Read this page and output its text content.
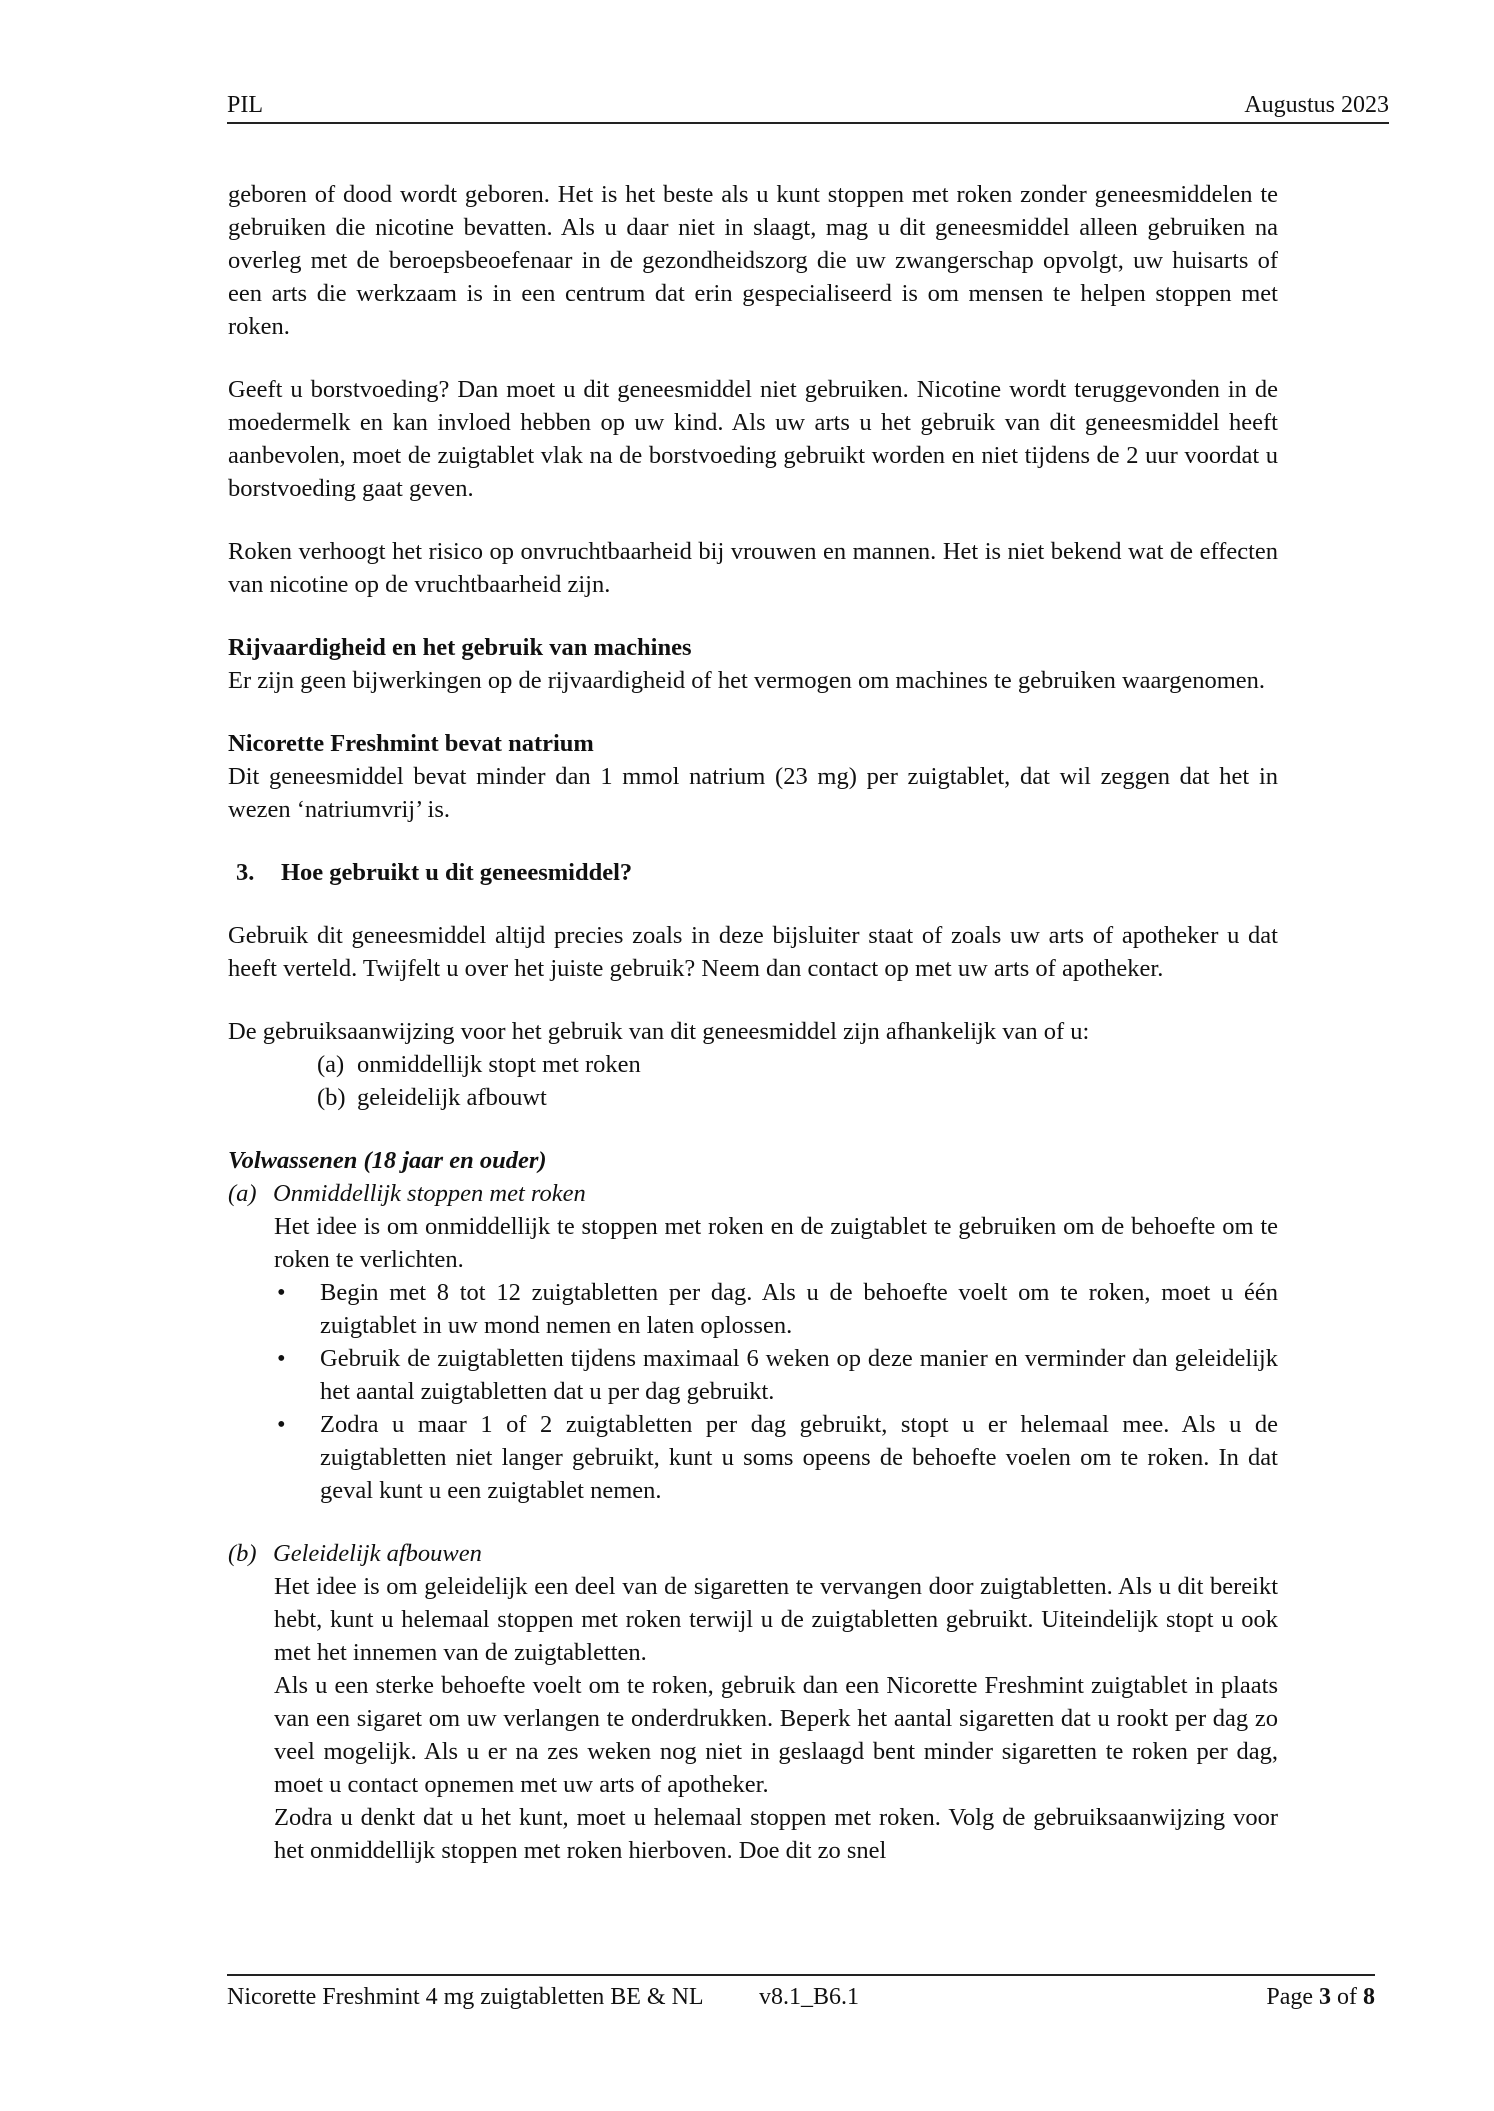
PIL	Augustus 2023

geboren of dood wordt geboren. Het is het beste als u kunt stoppen met roken zonder geneesmiddelen te gebruiken die nicotine bevatten. Als u daar niet in slaagt, mag u dit geneesmiddel alleen gebruiken na overleg met de beroepsbeoefenaar in de gezondheidszorg die uw zwangerschap opvolgt, uw huisarts of een arts die werkzaam is in een centrum dat erin gespecialiseerd is om mensen te helpen stoppen met roken.

Geeft u borstvoeding? Dan moet u dit geneesmiddel niet gebruiken. Nicotine wordt teruggevonden in de moedermelk en kan invloed hebben op uw kind. Als uw arts u het gebruik van dit geneesmiddel heeft aanbevolen, moet de zuigtablet vlak na de borstvoeding gebruikt worden en niet tijdens de 2 uur voordat u borstvoeding gaat geven.

Roken verhoogt het risico op onvruchtbaarheid bij vrouwen en mannen. Het is niet bekend wat de effecten van nicotine op de vruchtbaarheid zijn.

Rijvaardigheid en het gebruik van machines

Er zijn geen bijwerkingen op de rijvaardigheid of het vermogen om machines te gebruiken waargenomen.

Nicorette Freshmint bevat natrium

Dit geneesmiddel bevat minder dan 1 mmol natrium (23 mg) per zuigtablet, dat wil zeggen dat het in wezen ‘natriumvrij’ is.

3. Hoe gebruikt u dit geneesmiddel?

Gebruik dit geneesmiddel altijd precies zoals in deze bijsluiter staat of zoals uw arts of apotheker u dat heeft verteld. Twijfelt u over het juiste gebruik? Neem dan contact op met uw arts of apotheker.

De gebruiksaanwijzing voor het gebruik van dit geneesmiddel zijn afhankelijk van of u:

(a) onmiddellijk stopt met roken
(b) geleidelijk afbouwt

Volwassenen (18 jaar en ouder)

(a) Onmiddellijk stoppen met roken

Het idee is om onmiddellijk te stoppen met roken en de zuigtablet te gebruiken om de behoefte om te roken te verlichten.

• Begin met 8 tot 12 zuigtabletten per dag. Als u de behoefte voelt om te roken, moet u één zuigtablet in uw mond nemen en laten oplossen.
• Gebruik de zuigtabletten tijdens maximaal 6 weken op deze manier en verminder dan geleidelijk het aantal zuigtabletten dat u per dag gebruikt.
• Zodra u maar 1 of 2 zuigtabletten per dag gebruikt, stopt u er helemaal mee. Als u de zuigtabletten niet langer gebruikt, kunt u soms opeens de behoefte voelen om te roken. In dat geval kunt u een zuigtablet nemen.

(b) Geleidelijk afbouwen

Het idee is om geleidelijk een deel van de sigaretten te vervangen door zuigtabletten. Als u dit bereikt hebt, kunt u helemaal stoppen met roken terwijl u de zuigtabletten gebruikt. Uiteindelijk stopt u ook met het innemen van de zuigtabletten.

Als u een sterke behoefte voelt om te roken, gebruik dan een Nicorette Freshmint zuigtablet in plaats van een sigaret om uw verlangen te onderdrukken. Beperk het aantal sigaretten dat u rookt per dag zo veel mogelijk. Als u er na zes weken nog niet in geslaagd bent minder sigaretten te roken per dag, moet u contact opnemen met uw arts of apotheker.

Zodra u denkt dat u het kunt, moet u helemaal stoppen met roken. Volg de gebruiksaanwijzing voor het onmiddellijk stoppen met roken hierboven. Doe dit zo snel

Nicorette Freshmint 4 mg zuigtabletten BE & NL v8.1_B6.1	Page 3 of 8
